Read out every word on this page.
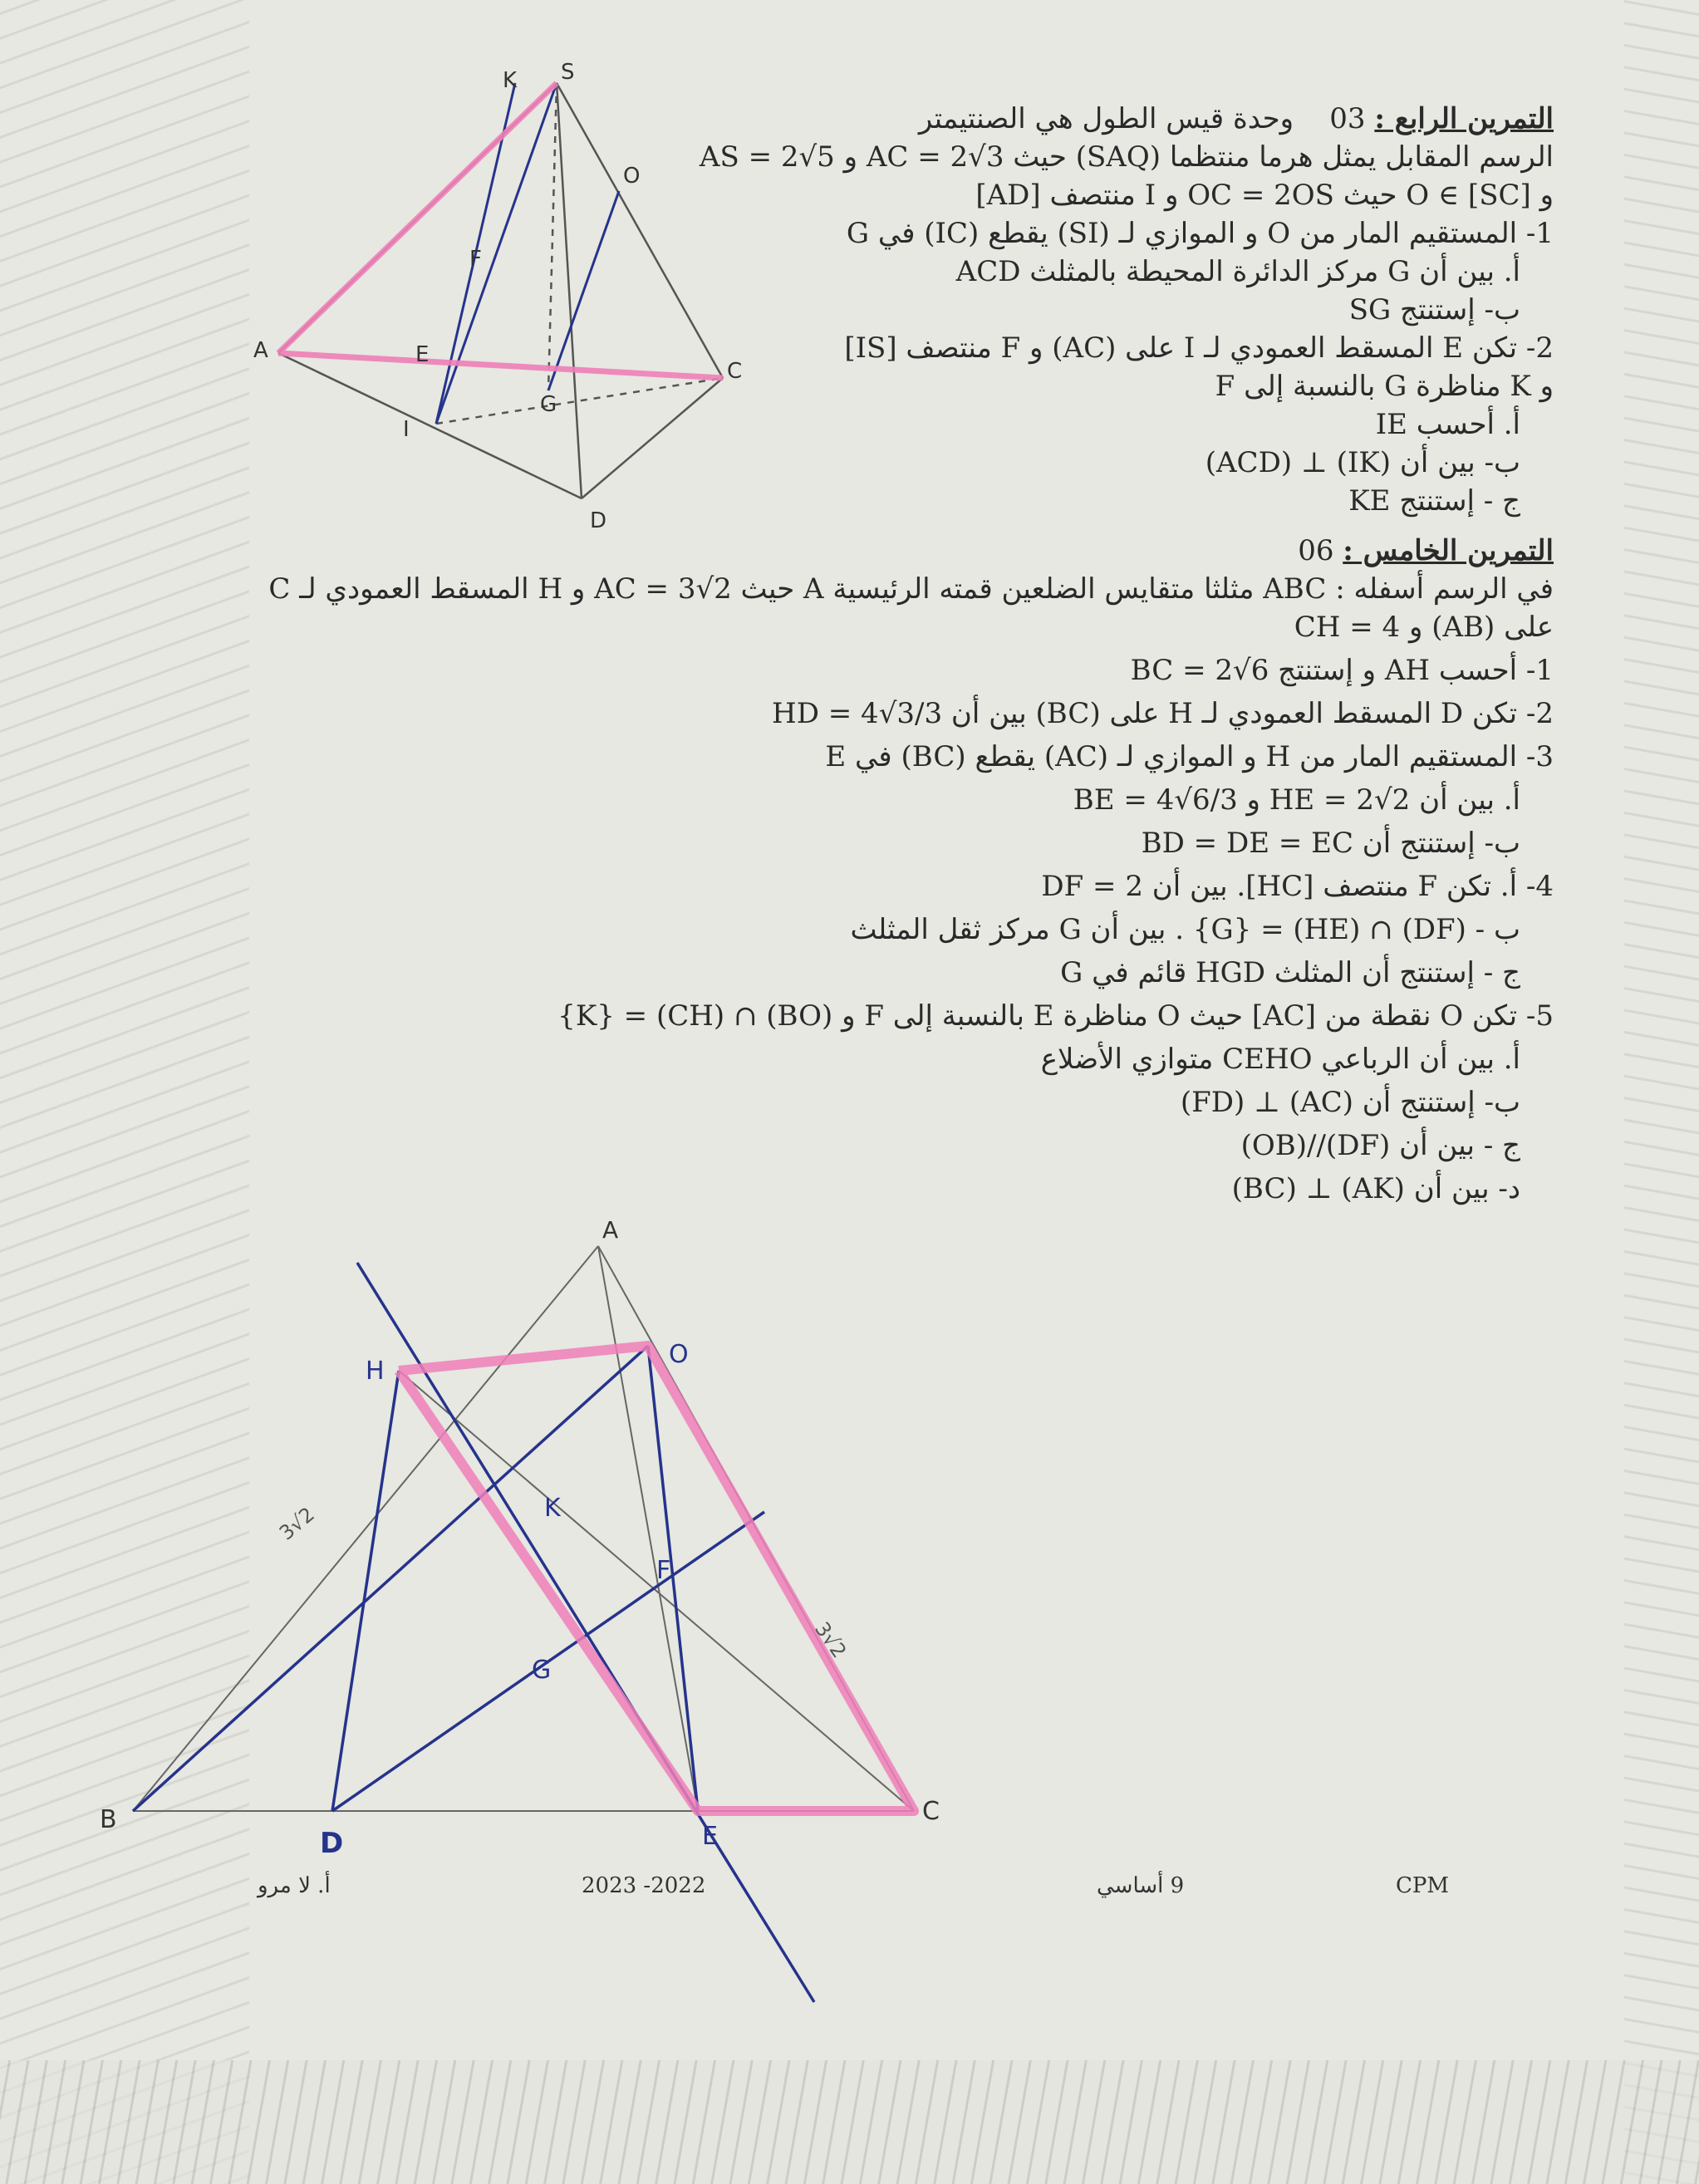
K S
O
F
A	E
G
C
I
D
التمرين الرابع : 03    وحدة قيس الطول هي الصنتيمتر
الرسم المقابل يمثل هرما منتظما (SAQ) حيث AC = 2√3 و AS = 2√5
و O ∈ [SC] حيث OC = 2OS و I منتصف [AD]
1- المستقيم المار من O و الموازي لـ (SI) يقطع (IC) في G
أ. بين أن G مركز الدائرة المحيطة بالمثلث ACD
ب- إستنتج SG
2- تكن E المسقط العمودي لـ I على (AC) و F منتصف [IS]
و K مناظرة G بالنسبة إلى F
أ. أحسب IE
ب- بين أن (IK) ⊥ (ACD)
ج - إستنتج KE
التمرين الخامس : 06
في الرسم أسفله : ABC مثلثا متقايس الضلعين قمته الرئيسية A حيث AC = 3√2 و H المسقط العمودي لـ C
على (AB) و CH = 4
1- أحسب AH و إستنتج BC = 2√6
2- تكن D المسقط العمودي لـ H على (BC) بين أن HD = 4√3/3
3- المستقيم المار من H و الموازي لـ (AC) يقطع (BC) في E
أ. بين أن HE = 2√2 و BE = 4√6/3
ب- إستنتج أن BD = DE = EC
4- أ. تكن F منتصف [HC]. بين أن DF = 2
ب - (DF) ∩ (HE) = {G} . بين أن G مركز ثقل المثلث
ج - إستنتج أن المثلث HGD قائم في G
5- تكن O نقطة من [AC] حيث O مناظرة E بالنسبة إلى F و (BO) ∩ (CH) = {K}
أ. بين أن الرباعي CEHO متوازي الأضلاع
ب- إستنتج أن (AC) ⊥ (FD)
ج - بين أن (DF)//(OB)
د- بين أن (AK) ⊥ (BC)
A
O
H
K
F
G
B	C
D	E
3√2
3√2
أ. لا مرو	2023 -2022	9 أساسي	CPM
